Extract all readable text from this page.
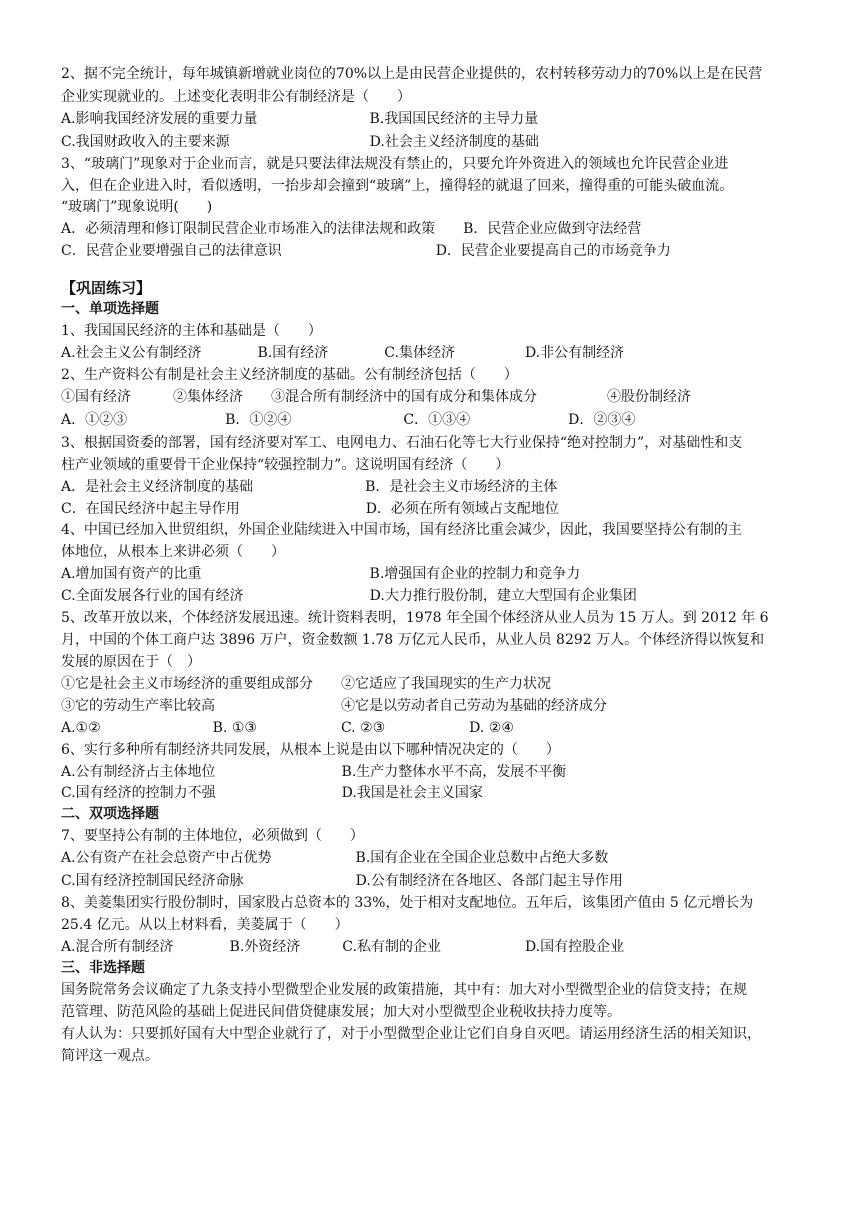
2、据不完全统计，每年城镇新增就业岗位的70%以上是由民营企业提供的，农村转移劳动力的70%以上是在民营
企业实现就业的。上述变化表明非公有制经济是（　　）
A.影响我国经济发展的重要力量　　　　　　　　B.我国国民经济的主导力量
C.我国财政收入的主要来源　　　　　　　　　　D.社会主义经济制度的基础
3、“玻璃门”现象对于企业而言，就是只要法律法规没有禁止的，只要允许外资进入的领域也允许民营企业进
入，但在企业进入时，看似透明，一抬步却会撞到“玻璃”上，撞得轻的就退了回来，撞得重的可能头破血流。
“玻璃门”现象说明(　　)
A．必须清理和修订限制民营企业市场准入的法律法规和政策　　B．民营企业应做到守法经营
C．民营企业要增强自己的法律意识　　　　　　　　　　　D．民营企业要提高自己的市场竞争力
【巩固练习】
一、单项选择题
1、我国国民经济的主体和基础是（　　）
A.社会主义公有制经济　　　　B.国有经济　　　　C.集体经济　　　　　D.非公有制经济
2、生产资料公有制是社会主义经济制度的基础。公有制经济包括（　　）
①国有经济　　　②集体经济　　③混合所有制经济中的国有成分和集体成分　　　　　④股份制经济
A．①②③　　　　　　　B．①②④　　　　　　　　C．①③④　　　　　　　D．②③④
3、根据国资委的部署，国有经济要对军工、电网电力、石油石化等七大行业保持“绝对控制力”，对基础性和支
柱产业领域的重要骨干企业保持“较强控制力”。这说明国有经济（　　）
A．是社会主义经济制度的基础　　　　　　　　B．是社会主义市场经济的主体
C．在国民经济中起主导作用　　　　　　　　　D．必须在所有领域占支配地位
4、中国已经加入世贸组织，外国企业陆续进入中国市场，国有经济比重会减少，因此，我国要坚持公有制的主
体地位，从根本上来讲必须（　　）
A.增加国有资产的比重　　　　　　　　　　　　B.增强国有企业的控制力和竞争力
C.全面发展各行业的国有经济　　　　　　　　　D.大力推行股份制，建立大型国有企业集团
5、改革开放以来，个体经济发展迅速。统计资料表明，1978 年全国个体经济从业人员为 15 万人。到 2012 年 6
月，中国的个体工商户达 3896 万户，资金数额 1.78 万亿元人民币，从业人员 8292 万人。个体经济得以恢复和
发展的原因在于（　）
①它是社会主义市场经济的重要组成部分　　②它适应了我国现实的生产力状况
③它的劳动生产率比较高　　　　　　　　　④它是以劳动者自己劳动为基础的经济成分
A.①②　　　　　　　　B. ①③　　　　　　C. ②③　　　　　　D. ②④
6、实行多种所有制经济共同发展，从根本上说是由以下哪种情况决定的（　　）
A.公有制经济占主体地位　　　　　　　　　B.生产力整体水平不高，发展不平衡
C.国有经济的控制力不强　　　　　　　　　D.我国是社会主义国家
二、双项选择题
7、要坚持公有制的主体地位，必须做到（　　）
A.公有资产在社会总资产中占优势　　　　　　B.国有企业在全国企业总数中占绝大多数
C.国有经济控制国民经济命脉　　　　　　　　D.公有制经济在各地区、各部门起主导作用
8、美菱集团实行股份制时，国家股占总资本的 33%，处于相对支配地位。五年后，该集团产值由 5 亿元增长为
25.4 亿元。从以上材料看，美菱属于（　　）
A.混合所有制经济　　　　B.外资经济　　　C.私有制的企业　　　　　　D.国有控股企业
三、非选择题
国务院常务会议确定了九条支持小型微型企业发展的政策措施，其中有：加大对小型微型企业的信贷支持；在规
范管理、防范风险的基础上促进民间借贷健康发展；加大对小型微型企业税收扶持力度等。
有人认为：只要抓好国有大中型企业就行了，对于小型微型企业让它们自身自灭吧。请运用经济生活的相关知识，
简评这一观点。
